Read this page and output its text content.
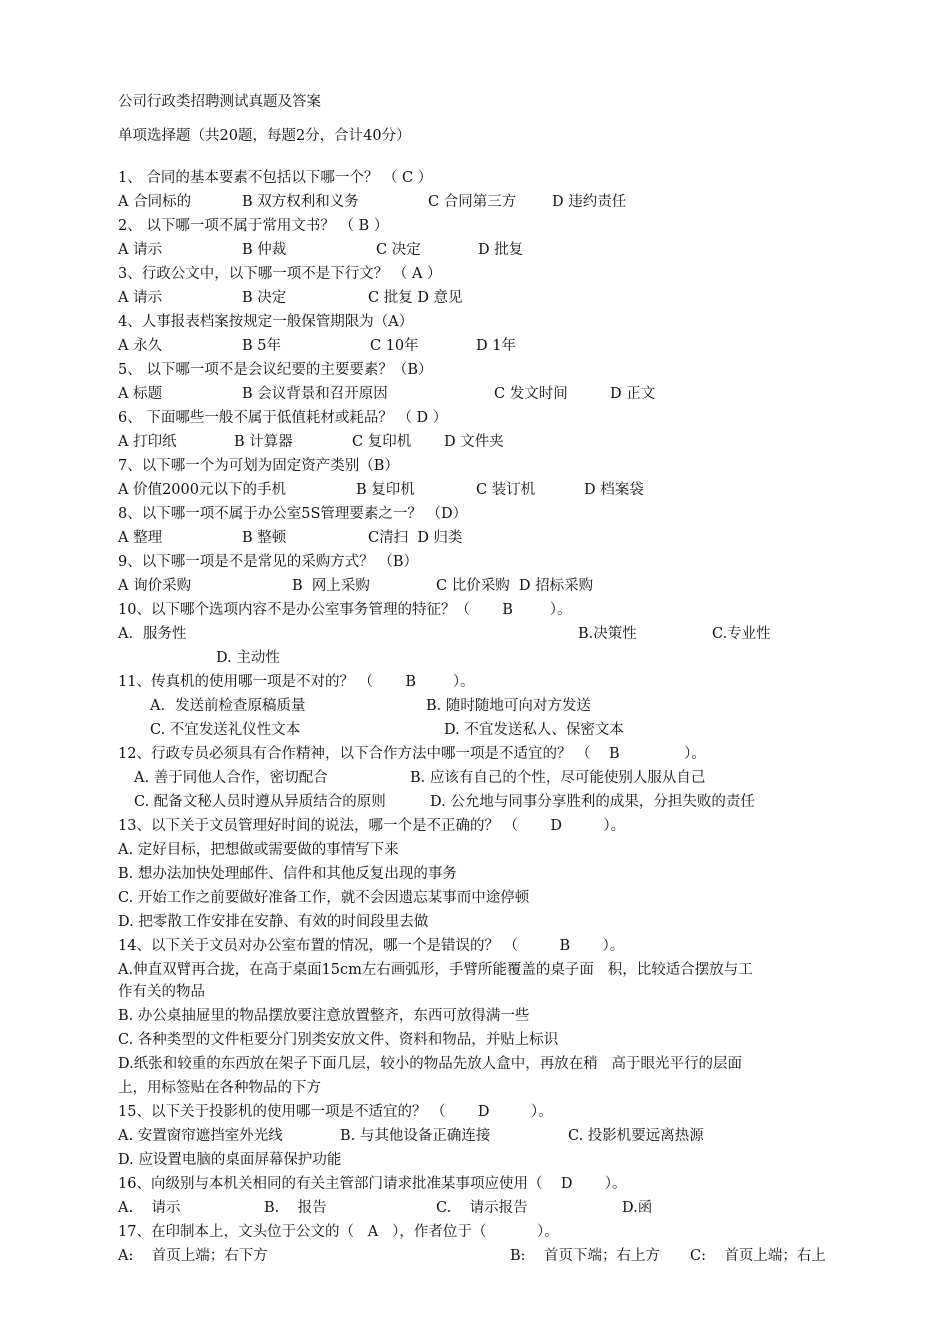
公司行政类招聘测试真题及答案
单项选择题（共20题，每题2分，合计40分）
1、 合同的基本要素不包括以下哪一个？ （ C ）
A 合同标的	B 双方权利和义务	C 合同第三方 D 违约责任
2、 以下哪一项不属于常用文书？ （ B ）
A 请示	B 仲裁	C 决定	D 批复
3、行政公文中，以下哪一项不是下行文？ （ A ）
A 请示	B 决定	C 批复 D 意见
4、人事报表档案按规定一般保管期限为（A）
A 永久	B 5年	C 10年	D 1年
5、 以下哪一项不是会议纪要的主要要素？（B）
A 标题	B 会议背景和召开原因	C 发文时间	D 正文
6、 下面哪些一般不属于低值耗材或耗品？ （ D ）
A 打印纸	B 计算器	C 复印机 D 文件夹
7、以下哪一个为可划为固定资产类别（B）
A 价值2000元以下的手机	B 复印机	C 装订机	D 档案袋
8、以下哪一项不属于办公室5S管理要素之一？ （D）
A 整理	B 整顿	C清扫  D 归类
9、以下哪一项是不是常见的采购方式？ （B）
A 询价采购	B  网上采购	C 比价采购  D 招标采购
10、以下哪个选项内容不是办公室事务管理的特征？（       B        ）。
A．服务性	B.决策性	C.专业性
D. 主动性
11、传真机的使用哪一项是不对的？ （       B        ）。
A．发送前检查原稿质量	B. 随时随地可向对方发送
C. 不宜发送礼仪性文本	D. 不宜发送私人、保密文本
12、行政专员必须具有合作精神，以下合作方法中哪一项是不适宜的？ （    B              ）。
A. 善于同他人合作，密切配合	B. 应该有自己的个性，尽可能使别人服从自己
C. 配备文秘人员时遵从异质结合的原则	D. 公允地与同事分享胜利的成果，分担失败的责任
13、以下关于文员管理好时间的说法，哪一个是不正确的？ （       D         ）。
A. 定好目标，把想做或需要做的事情写下来
B. 想办法加快处理邮件、信件和其他反复出现的事务
C. 开始工作之前要做好准备工作，就不会因遗忘某事而中途停顿
D. 把零散工作安排在安静、有效的时间段里去做
14、以下关于文员对办公室布置的情况，哪一个是错误的？ （         B       ）。
A.伸直双臂再合拢，在高于桌面15cm左右画弧形，手臂所能覆盖的桌子面   积，比较适合摆放与工
作有关的物品
B. 办公桌抽屉里的物品摆放要注意放置整齐，东西可放得满一些
C. 各种类型的文件柜要分门别类安放文件、资料和物品，并贴上标识
D.纸张和较重的东西放在架子下面几层，较小的物品先放人盒中，再放在稍   高于眼光平行的层面
上，用标签贴在各种物品的下方
15、以下关于投影机的使用哪一项是不适宜的？ （       D         ）。
A. 安置窗帘遮挡室外光线	B. 与其他设备正确连接	C. 投影机要远离热源
D. 应设置电脑的桌面屏幕保护功能
16、向级别与本机关相同的有关主管部门请求批准某事项应使用（    D       ）。
A.    请示	B.    报告	C.    请示报告	D.函
17、在印制本上，文头位于公文的（   A   ），作者位于（           ）。
A:    首页上端；右下方	B:    首页下端；右上方 C:    首页上端；右上
